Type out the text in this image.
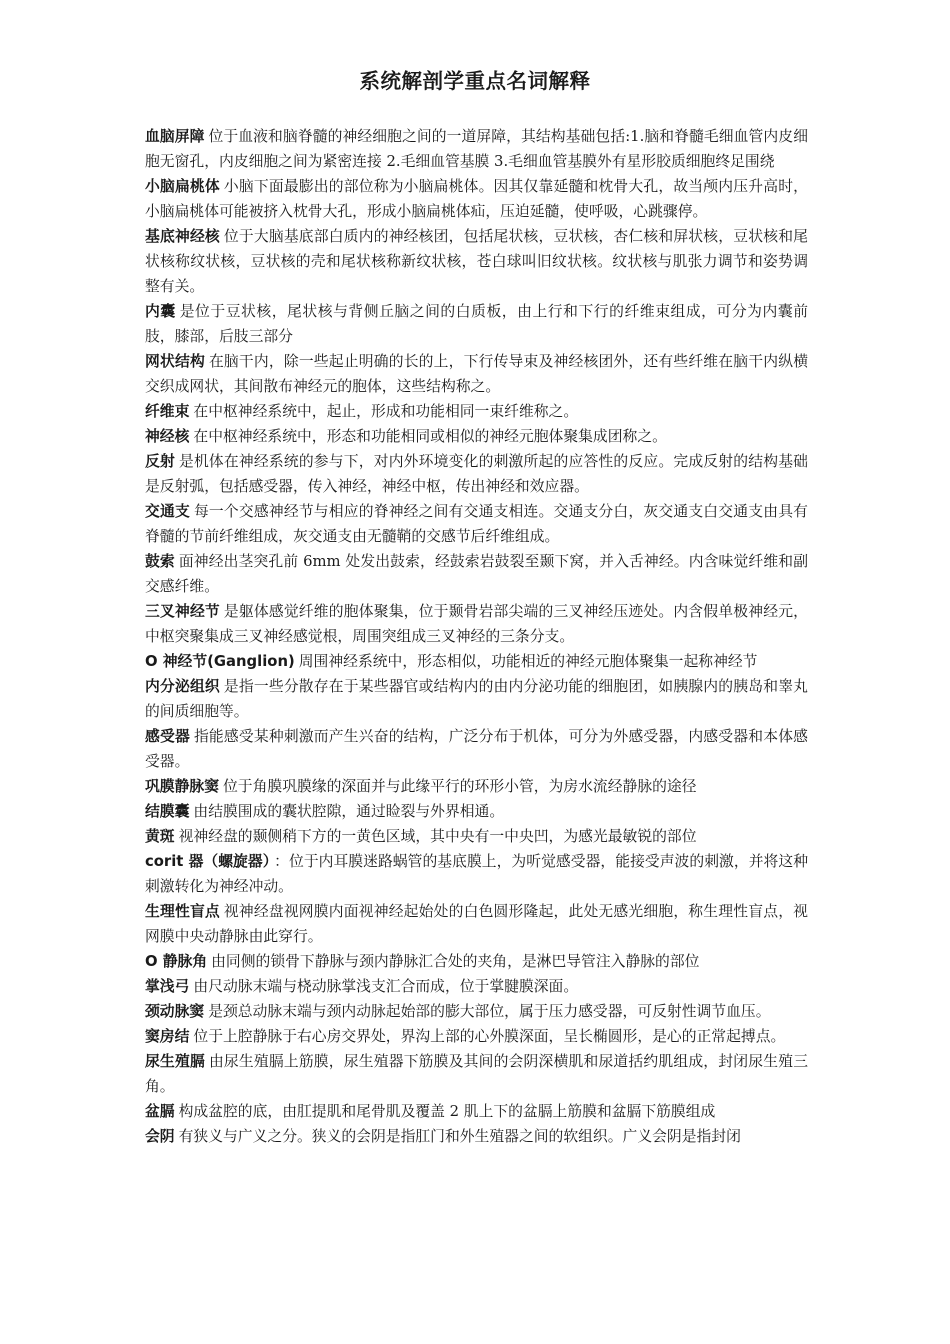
系统解剖学重点名词解释
血脑屏障 位于血液和脑脊髓的神经细胞之间的一道屏障，其结构基础包括:1.脑和脊髓毛细血管内皮细胞无窗孔，内皮细胞之间为紧密连接 2.毛细血管基膜 3.毛细血管基膜外有星形胶质细胞终足围绕
小脑扁桃体 小脑下面最膨出的部位称为小脑扁桃体。因其仅靠延髓和枕骨大孔，故当颅内压升高时，小脑扁桃体可能被挤入枕骨大孔，形成小脑扁桃体疝，压迫延髓，使呼吸，心跳骤停。
基底神经核 位于大脑基底部白质内的神经核团，包括尾状核，豆状核，杏仁核和屏状核，豆状核和尾状核称纹状核，豆状核的壳和尾状核称新纹状核，苍白球叫旧纹状核。纹状核与肌张力调节和姿势调整有关。
内囊 是位于豆状核，尾状核与背侧丘脑之间的白质板，由上行和下行的纤维束组成，可分为内囊前肢，膝部，后肢三部分
网状结构 在脑干内，除一些起止明确的长的上，下行传导束及神经核团外，还有些纤维在脑干内纵横交织成网状，其间散布神经元的胞体，这些结构称之。
纤维束 在中枢神经系统中，起止，形成和功能相同一束纤维称之。
神经核 在中枢神经系统中，形态和功能相同或相似的神经元胞体聚集成团称之。
反射 是机体在神经系统的参与下，对内外环境变化的刺激所起的应答性的反应。完成反射的结构基础是反射弧，包括感受器，传入神经，神经中枢，传出神经和效应器。
交通支 每一个交感神经节与相应的脊神经之间有交通支相连。交通支分白，灰交通支白交通支由具有脊髓的节前纤维组成，灰交通支由无髓鞘的交感节后纤维组成。
鼓索 面神经出茎突孔前 6mm 处发出鼓索，经鼓索岩鼓裂至颞下窝，并入舌神经。内含味觉纤维和副交感纤维。
三叉神经节 是躯体感觉纤维的胞体聚集，位于颞骨岩部尖端的三叉神经压迹处。内含假单极神经元，中枢突聚集成三叉神经感觉根，周围突组成三叉神经的三条分支。
O 神经节(Ganglion) 周围神经系统中，形态相似，功能相近的神经元胞体聚集一起称神经节
内分泌组织 是指一些分散存在于某些器官或结构内的由内分泌功能的细胞团，如胰腺内的胰岛和睾丸的间质细胞等。
感受器 指能感受某种刺激而产生兴奋的结构，广泛分布于机体，可分为外感受器，内感受器和本体感受器。
巩膜静脉窦 位于角膜巩膜缘的深面并与此缘平行的环形小管，为房水流经静脉的途径
结膜囊 由结膜围成的囊状腔隙，通过睑裂与外界相通。
黄斑 视神经盘的颞侧稍下方的一黄色区域，其中央有一中央凹，为感光最敏锐的部位
corit 器（螺旋器） ：位于内耳膜迷路蜗管的基底膜上，为听觉感受器，能接受声波的刺激，并将这种刺激转化为神经冲动。
生理性盲点 视神经盘视网膜内面视神经起始处的白色圆形隆起，此处无感光细胞，称生理性盲点，视网膜中央动静脉由此穿行。
O 静脉角 由同侧的锁骨下静脉与颈内静脉汇合处的夹角，是淋巴导管注入静脉的部位
掌浅弓 由尺动脉末端与桡动脉掌浅支汇合而成，位于掌腱膜深面。
颈动脉窦 是颈总动脉末端与颈内动脉起始部的膨大部位，属于压力感受器，可反射性调节血压。
窦房结 位于上腔静脉于右心房交界处，界沟上部的心外膜深面，呈长椭圆形，是心的正常起搏点。
尿生殖膈 由尿生殖膈上筋膜，尿生殖器下筋膜及其间的会阴深横肌和尿道括约肌组成，封闭尿生殖三角。
盆膈 构成盆腔的底，由肛提肌和尾骨肌及覆盖 2 肌上下的盆膈上筋膜和盆膈下筋膜组成
会阴 有狭义与广义之分。狭义的会阴是指肛门和外生殖器之间的软组织。广义会阴是指封闭
